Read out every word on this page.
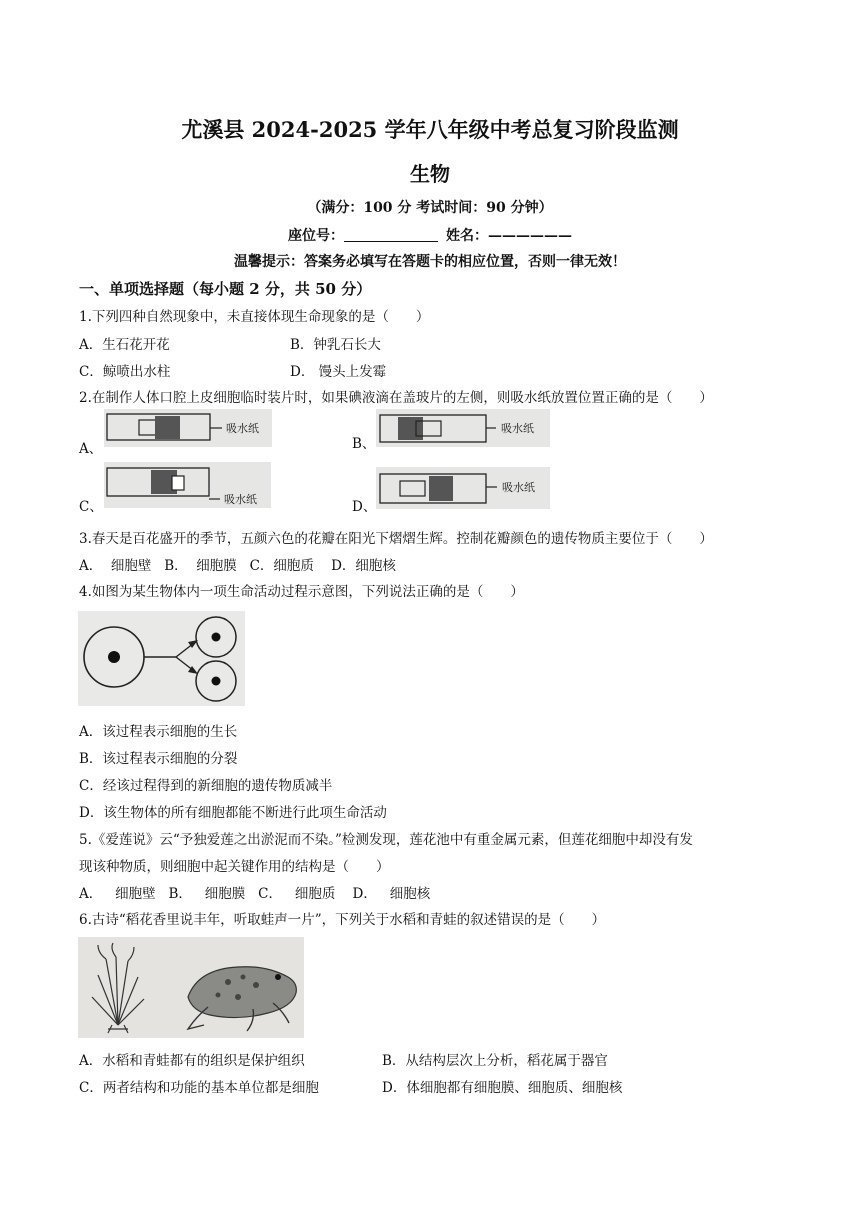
尤溪县 2024-2025 学年八年级中考总复习阶段监测
生物
（满分：100 分 考试时间：90 分钟）
座位号：	姓名：——————
温馨提示：答案务必填写在答题卡的相应位置，否则一律无效！
一、单项选择题（每小题 2 分，共 50 分）
1.下列四种自然现象中，未直接体现生命现象的是（　　）
A．生石花开花	B．钟乳石长大
C．鲸喷出水柱	D． 馒头上发霉
2.在制作人体口腔上皮细胞临时装片时，如果碘液滴在盖玻片的左侧，则吸水纸放置位置正确的是（　　）
A、
吸水纸
B、
吸水纸
C、	吸水纸	D、
吸水纸
3.春天是百花盛开的季节，五颜六色的花瓣在阳光下熠熠生辉。控制花瓣颜色的遗传物质主要位于（　　）
A．  细胞壁   B．  细胞膜   C．细胞质    D．细胞核
4.如图为某生物体内一项生命活动过程示意图，下列说法正确的是（　　）
A．该过程表示细胞的生长
B．该过程表示细胞的分裂
C．经该过程得到的新细胞的遗传物质减半
D．该生物体的所有细胞都能不断进行此项生命活动
5.《爱莲说》云“予独爱莲之出淤泥而不染。”检测发现，莲花池中有重金属元素，但莲花细胞中却没有发
现该种物质，则细胞中起关键作用的结构是（　　）
A．   细胞壁   B．   细胞膜   C．   细胞质    D．   细胞核
6.古诗“稻花香里说丰年，听取蛙声一片”，下列关于水稻和青蛙的叙述错误的是（　　）
A．水稻和青蛙都有的组织是保护组织	B．从结构层次上分析，稻花属于器官
C．两者结构和功能的基本单位都是细胞	D．体细胞都有细胞膜、细胞质、细胞核
